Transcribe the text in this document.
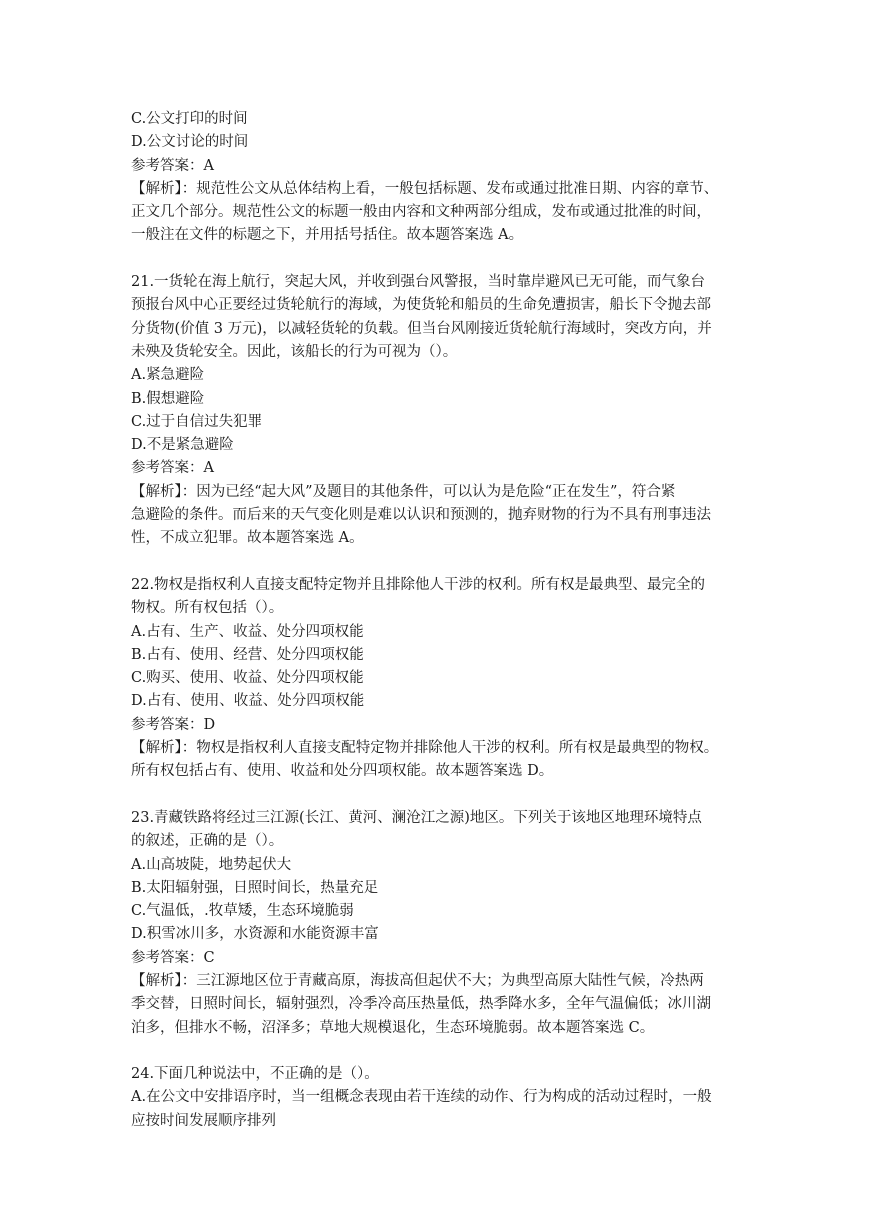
C.公文打印的时间
D.公文讨论的时间
参考答案：A
【解析】：规范性公文从总体结构上看，一般包括标题、发布或通过批准日期、内容的章节、
正文几个部分。规范性公文的标题一般由内容和文种两部分组成，发布或通过批准的时间，
一般注在文件的标题之下，并用括号括住。故本题答案选 A。
21.一货轮在海上航行，突起大风，并收到强台风警报，当时靠岸避风已无可能，而气象台
预报台风中心正要经过货轮航行的海域，为使货轮和船员的生命免遭损害，船长下令抛去部
分货物(价值 3 万元)，以减轻货轮的负载。但当台风刚接近货轮航行海域时，突改方向，并
未殃及货轮安全。因此，该船长的行为可视为（）。
A.紧急避险
B.假想避险
C.过于自信过失犯罪
D.不是紧急避险
参考答案：A
【解析】：因为已经“起大风”及题目的其他条件，可以认为是危险“正在发生”，符合紧
急避险的条件。而后来的天气变化则是难以认识和预测的，抛弃财物的行为不具有刑事违法
性，不成立犯罪。故本题答案选 A。
22.物权是指权利人直接支配特定物并且排除他人干涉的权利。所有权是最典型、最完全的
物权。所有权包括（）。
A.占有、生产、收益、处分四项权能
B.占有、使用、经营、处分四项权能
C.购买、使用、收益、处分四项权能
D.占有、使用、收益、处分四项权能
参考答案：D
【解析】：物权是指权利人直接支配特定物并排除他人干涉的权利。所有权是最典型的物权。
所有权包括占有、使用、收益和处分四项权能。故本题答案选 D。
23.青藏铁路将经过三江源(长江、黄河、澜沧江之源)地区。下列关于该地区地理环境特点
的叙述，正确的是（）。
A.山高坡陡，地势起伏大
B.太阳辐射强，日照时间长，热量充足
C.气温低，.牧草矮，生态环境脆弱
D.积雪冰川多，水资源和水能资源丰富
参考答案：C
【解析】：三江源地区位于青藏高原，海拔高但起伏不大；为典型高原大陆性气候，冷热两
季交替，日照时间长，辐射强烈，冷季冷高压热量低，热季降水多，全年气温偏低；冰川湖
泊多，但排水不畅，沼泽多；草地大规模退化，生态环境脆弱。故本题答案选 C。
24.下面几种说法中，不正确的是（）。
A.在公文中安排语序时，当一组概念表现由若干连续的动作、行为构成的活动过程时，一般
应按时间发展顺序排列
